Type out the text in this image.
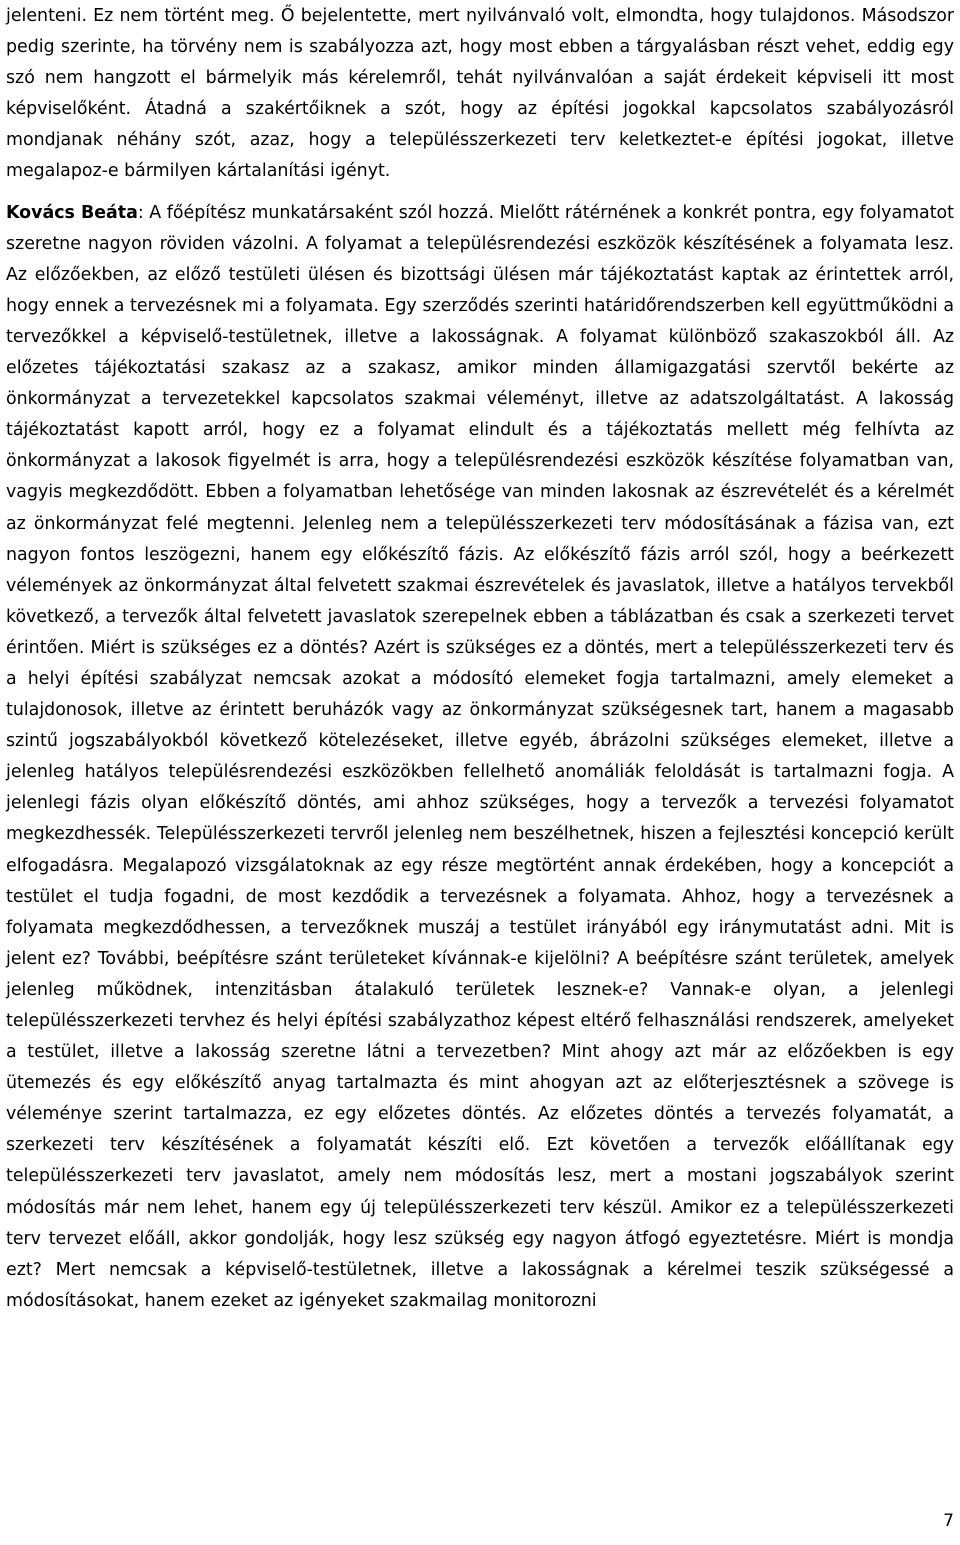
jelenteni. Ez nem történt meg. Ő bejelentette, mert nyilvánvaló volt, elmondta, hogy tulajdonos. Másodszor pedig szerinte, ha törvény nem is szabályozza azt, hogy most ebben a tárgyalásban részt vehet, eddig egy szó nem hangzott el bármelyik más kérelemről, tehát nyilvánvalóan a saját érdekeit képviseli itt most képviselőként. Átadná a szakértőiknek a szót, hogy az építési jogokkal kapcsolatos szabályozásról mondjanak néhány szót, azaz, hogy a településszerkezeti terv keletkeztet-e építési jogokat, illetve megalapoz-e bármilyen kártalanítási igényt.

Kovács Beáta: A főépítész munkatársaként szól hozzá. Mielőtt rátérnének a konkrét pontra, egy folyamatot szeretne nagyon röviden vázolni. A folyamat a településrendezési eszközök készítésének a folyamata lesz. Az előzőekben, az előző testületi ülésen és bizottsági ülésen már tájékoztatást kaptak az érintettek arról, hogy ennek a tervezésnek mi a folyamata. Egy szerződés szerinti határidőrendszerben kell együttműködni a tervezőkkel a képviselő-testületnek, illetve a lakosságnak. A folyamat különböző szakaszokból áll. Az előzetes tájékoztatási szakasz az a szakasz, amikor minden államigazgatási szervtől bekérte az önkormányzat a tervezetekkel kapcsolatos szakmai véleményt, illetve az adatszolgáltatást. A lakosság tájékoztatást kapott arról, hogy ez a folyamat elindult és a tájékoztatás mellett még felhívta az önkormányzat a lakosok figyelmét is arra, hogy a településrendezési eszközök készítése folyamatban van, vagyis megkezdődött. Ebben a folyamatban lehetősége van minden lakosnak az észrevételét és a kérelmét az önkormányzat felé megtenni. Jelenleg nem a településszerkezeti terv módosításának a fázisa van, ezt nagyon fontos leszögezni, hanem egy előkészítő fázis. Az előkészítő fázis arról szól, hogy a beérkezett vélemények az önkormányzat által felvetett szakmai észrevételek és javaslatok, illetve a hatályos tervekből következő, a tervezők által felvetett javaslatok szerepelnek ebben a táblázatban és csak a szerkezeti tervet érintően. Miért is szükséges ez a döntés? Azért is szükséges ez a döntés, mert a településszerkezeti terv és a helyi építési szabályzat nemcsak azokat a módosító elemeket fogja tartalmazni, amely elemeket a tulajdonosok, illetve az érintett beruházók vagy az önkormányzat szükségesnek tart, hanem a magasabb szintű jogszabályokból következő kötelezéseket, illetve egyéb, ábrázolni szükséges elemeket, illetve a jelenleg hatályos településrendezési eszközökben fellelhető anomáliák feloldását is tartalmazni fogja. A jelenlegi fázis olyan előkészítő döntés, ami ahhoz szükséges, hogy a tervezők a tervezési folyamatot megkezdhessék. Településszerkezeti tervről jelenleg nem beszélhetnek, hiszen a fejlesztési koncepció került elfogadásra. Megalapozó vizsgálatoknak az egy része megtörtént annak érdekében, hogy a koncepciót a testület el tudja fogadni, de most kezdődik a tervezésnek a folyamata. Ahhoz, hogy a tervezésnek a folyamata megkezdődhessen, a tervezőknek muszáj a testület irányából egy iránymutatást adni. Mit is jelent ez? További, beépítésre szánt területeket kívánnak-e kijelölni? A beépítésre szánt területek, amelyek jelenleg működnek, intenzitásban átalakuló területek lesznek-e? Vannak-e olyan, a jelenlegi településszerkezeti tervhez és helyi építési szabályzathoz képest eltérő felhasználási rendszerek, amelyeket a testület, illetve a lakosság szeretne látni a tervezetben? Mint ahogy azt már az előzőekben is egy ütemezés és egy előkészítő anyag tartalmazta és mint ahogyan azt az előterjesztésnek a szövege is véleménye szerint tartalmazza, ez egy előzetes döntés. Az előzetes döntés a tervezés folyamatát, a szerkezeti terv készítésének a folyamatát készíti elő. Ezt követően a tervezők előállítanak egy településszerkezeti terv javaslatot, amely nem módosítás lesz, mert a mostani jogszabályok szerint módosítás már nem lehet, hanem egy új településszerkezeti terv készül. Amikor ez a településszerkezeti terv tervezet előáll, akkor gondolják, hogy lesz szükség egy nagyon átfogó egyeztetésre. Miért is mondja ezt? Mert nemcsak a képviselő-testületnek, illetve a lakosságnak a kérelmei teszik szükségessé a módosításokat, hanem ezeket az igényeket szakmailag monitorozni

7
